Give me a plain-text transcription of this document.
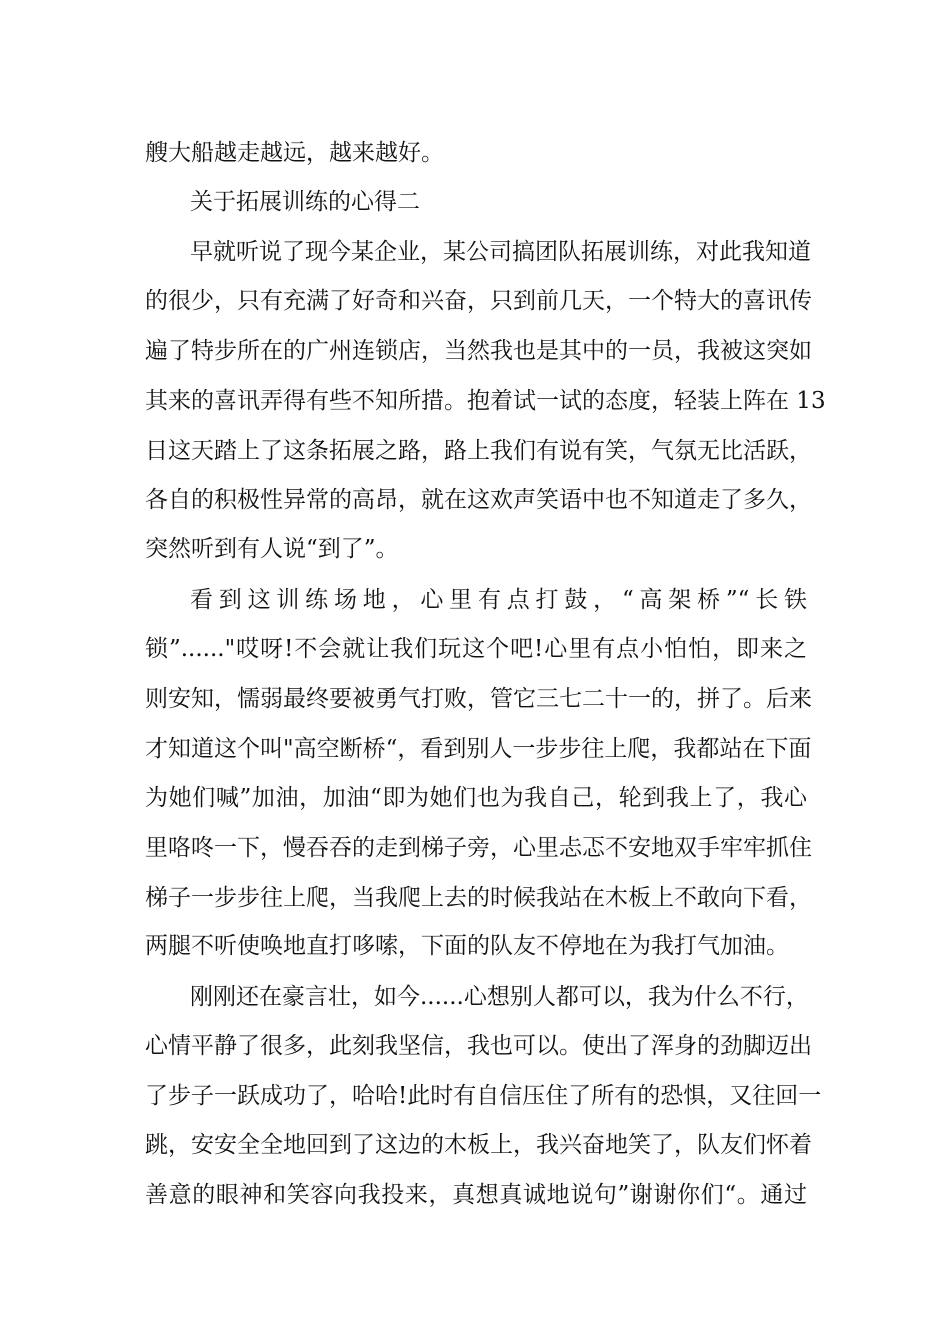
艘大船越走越远，越来越好。
关于拓展训练的心得二
早就听说了现今某企业，某公司搞团队拓展训练，对此我知道
的很少，只有充满了好奇和兴奋，只到前几天，一个特大的喜讯传
遍了特步所在的广州连锁店，当然我也是其中的一员，我被这突如
其来的喜讯弄得有些不知所措。抱着试一试的态度，轻装上阵在 13
日这天踏上了这条拓展之路，路上我们有说有笑，气氛无比活跃，
各自的积极性异常的高昂，就在这欢声笑语中也不知道走了多久，
突然听到有人说“到了”。
看到这训练场地，心里有点打鼓，“高架桥”“长铁
锁”......"哎呀!不会就让我们玩这个吧!心里有点小怕怕，即来之
则安知，懦弱最终要被勇气打败，管它三七二十一的，拼了。后来
才知道这个叫"高空断桥“，看到别人一步步往上爬，我都站在下面
为她们喊”加油，加油“即为她们也为我自己，轮到我上了，我心
里咯咚一下，慢吞吞的走到梯子旁，心里忐忑不安地双手牢牢抓住
梯子一步步往上爬，当我爬上去的时候我站在木板上不敢向下看，
两腿不听使唤地直打哆嗦，下面的队友不停地在为我打气加油。
刚刚还在豪言壮，如今......心想别人都可以，我为什么不行，
心情平静了很多，此刻我坚信，我也可以。使出了浑身的劲脚迈出
了步子一跃成功了，哈哈!此时有自信压住了所有的恐惧，又往回一
跳，安安全全地回到了这边的木板上，我兴奋地笑了，队友们怀着
善意的眼神和笑容向我投来，真想真诚地说句”谢谢你们“。通过
